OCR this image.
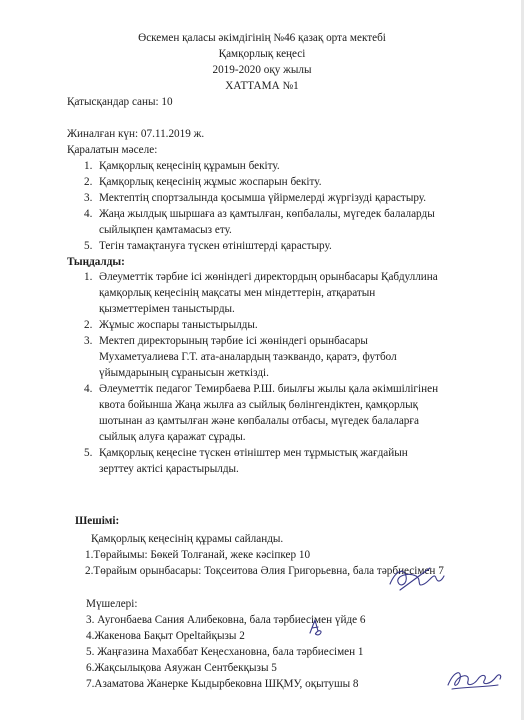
Өскемен қаласы әкімдігінің №46 қазақ орта мектебі
Қамқорлық кеңесі
2019-2020 оқу жылы
ХАТТАМА №1
Қатысқандар саны: 10
Жиналған күн: 07.11.2019 ж.
Қаралатын мәселе:
1. Қамқорлық кеңесінің құрамын бекіту.
2. Қамқорлық кеңесінің жұмыс жоспарын бекіту.
3. Мектептің спортзалында қосымша үйірмелерді жүргізуді қарастыру.
4. Жаңа жылдық шыршаға аз қамтылған, көпбалалы, мүгедек балаларды
сыйлықпен қамтамасыз ету.
5. Тегін тамақтануға түскен өтініштерді қарастыру.
Тыңдалды:
1. Әлеуметтік тәрбие ісі жөніндегі директордың орынбасары Қабдуллина
қамқорлық кеңесінің мақсаты мен міндеттерін, атқаратын
қызметтерімен таныстырды.
2. Жұмыс жоспары таныстырылды.
3. Мектеп директорының тәрбие ісі жөніндегі орынбасары
Мухаметуалиева Г.Т. ата-аналардың таэквандо, қаратэ, футбол
үйымдарының сұранысын жеткізді.
4. Әлеуметтік педагог Темирбаева Р.Ш. биылғы жылы қала әкімшілігінен
квота бойынша Жаңа жылға аз сыйлық бөлінгендіктен, қамқорлық
шотынан аз қамтылған және көпбалалы отбасы, мүгедек балаларға
сыйлық алуға қаражат сұрады.
5. Қамқорлық кеңесіне түскен өтініштер мен тұрмыстық жағдайын
зерттеу актісі қарастырылды.
Шешімі:
Қамқорлық кеңесінің құрамы сайланды.
1.Төрайымы: Бөкей Толғанай, жеке кәсіпкер 10
2.Төрайым орынбасары: Тоқсеитова Әлия Григорьевна, бала тәрбиесімен 7
Мүшелері:
3. Аугонбаева Сания Алибековна, бала тәрбиесімен үйде 6
4.Жакенова Бақыт Ореltайқызы 2
5. Жаңғазина Махаббат Кеңесхановна, бала тәрбиесімен 1
6.Жақсылықова Аяужан Сентбекқызы 5
7.Азаматова Жанерке Кыдырбековна ШҚМУ, оқытушы 8
